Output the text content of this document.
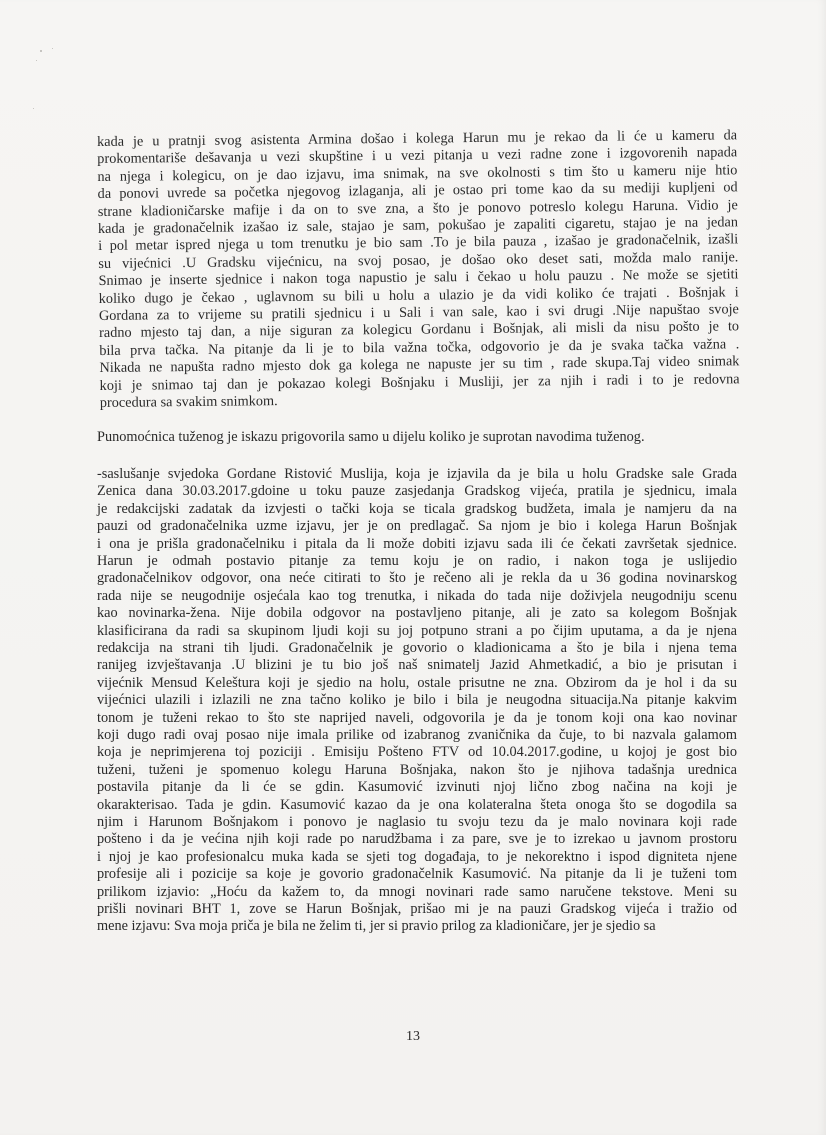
kada je u pratnji svog asistenta Armina došao i kolega Harun mu je rekao da li će u kameru da
prokomentariše dešavanja u vezi skupštine i u vezi pitanja u vezi radne zone i izgovorenih napada
na njega i kolegicu, on je dao izjavu, ima snimak, na sve okolnosti s tim što u kameru nije htio
da ponovi uvrede sa početka njegovog izlaganja, ali je ostao pri tome kao da su mediji kupljeni od
strane kladioničarske mafije i da on to sve zna, a što je ponovo potreslo kolegu Haruna. Vidio je
kada je gradonačelnik izašao iz sale, stajao je sam, pokušao je zapaliti cigaretu, stajao je na jedan
i pol metar ispred njega u tom trenutku je bio sam .To je bila pauza , izašao je gradonačelnik, izašli
su vijećnici .U Gradsku vijećnicu, na svoj posao, je došao oko deset sati, možda malo ranije.
Snimao je inserte sjednice i nakon toga napustio je salu i čekao u holu pauzu . Ne može se sjetiti
koliko dugo je čekao , uglavnom su bili u holu a ulazio je da vidi koliko će trajati . Bošnjak i
Gordana za to vrijeme su pratili sjednicu i u Sali i van sale, kao i svi drugi .Nije napuštao svoje
radno mjesto taj dan, a nije siguran za kolegicu Gordanu i Bošnjak, ali misli da nisu pošto je to
bila prva tačka. Na pitanje da li je to bila važna točka, odgovorio je da je svaka tačka važna .
Nikada ne napušta radno mjesto dok ga kolega ne napuste jer su tim , rade skupa.Taj video snimak
koji je snimao taj dan je pokazao kolegi Bošnjaku i Musliji, jer za njih i radi i to je redovna
procedura sa svakim snimkom.

Punomoćnica tuženog je iskazu prigovorila samo u dijelu koliko je suprotan navodima tuženog.

-saslušanje svjedoka Gordane Ristović Muslija, koja je izjavila da je bila u holu Gradske sale Grada
Zenica dana 30.03.2017.gdoine u toku pauze zasjedanja Gradskog vijeća, pratila je sjednicu, imala
je redakcijski zadatak da izvjesti o tački koja se ticala gradskog budžeta, imala je namjeru da na
pauzi od gradonačelnika uzme izjavu, jer je on predlagač. Sa njom je bio i kolega Harun Bošnjak
i ona je prišla gradonačelniku i pitala da li može dobiti izjavu sada ili će čekati završetak sjednice.
Harun je odmah postavio pitanje za temu koju je on radio, i nakon toga je uslijedio
gradonačelnikov odgovor, ona neće citirati to što je rečeno ali je rekla da u 36 godina novinarskog
rada nije se neugodnije osjećala kao tog trenutka, i nikada do tada nije doživjela neugodniju scenu
kao novinarka-žena. Nije dobila odgovor na postavljeno pitanje, ali je zato sa kolegom Bošnjak
klasificirana da radi sa skupinom ljudi koji su joj potpuno strani a po čijim uputama, a da je njena
redakcija na strani tih ljudi. Gradonačelnik je govorio o kladionicama a što je bila i njena tema
ranijeg izvještavanja .U blizini je tu bio još naš snimatelj Jazid Ahmetkadić, a bio je prisutan i
vijećnik Mensud Keleštura koji je sjedio na holu, ostale prisutne ne zna. Obzirom da je hol i da su
vijećnici ulazili i izlazili ne zna tačno koliko je bilo i bila je neugodna situacija.Na pitanje kakvim
tonom je tuženi rekao to što ste naprijed naveli, odgovorila je da je tonom koji ona kao novinar
koji dugo radi ovaj posao nije imala prilike od izabranog zvaničnika da čuje, to bi nazvala galamom
koja je neprimjerena toj poziciji . Emisiju Pošteno FTV od 10.04.2017.godine, u kojoj je gost bio
tuženi, tuženi je spomenuo kolegu Haruna Bošnjaka, nakon što je njihova tadašnja urednica
postavila pitanje da li će se gdin. Kasumović izvinuti njoj lično zbog načina na koji je
okarakterisao. Tada je gdin. Kasumović kazao da je ona kolateralna šteta onoga što se dogodila sa
njim i Harunom Bošnjakom i ponovo je naglasio tu svoju tezu da je malo novinara koji rade
pošteno i da je većina njih koji rade po narudžbama i za pare, sve je to izrekao u javnom prostoru
i njoj je kao profesionalcu muka kada se sjeti tog događaja, to je nekorektno i ispod digniteta njene
profesije ali i pozicije sa koje je govorio gradonačelnik Kasumović. Na pitanje da li je tuženi tom
prilikom izjavio: „Hoću da kažem to, da mnogi novinari rade samo naručene tekstove. Meni su
prišli novinari BHT 1, zove se Harun Bošnjak, prišao mi je na pauzi Gradskog vijeća i tražio od
mene izjavu: Sva moja priča je bila ne želim ti, jer si pravio prilog za kladioničare, jer je sjedio sa
13
